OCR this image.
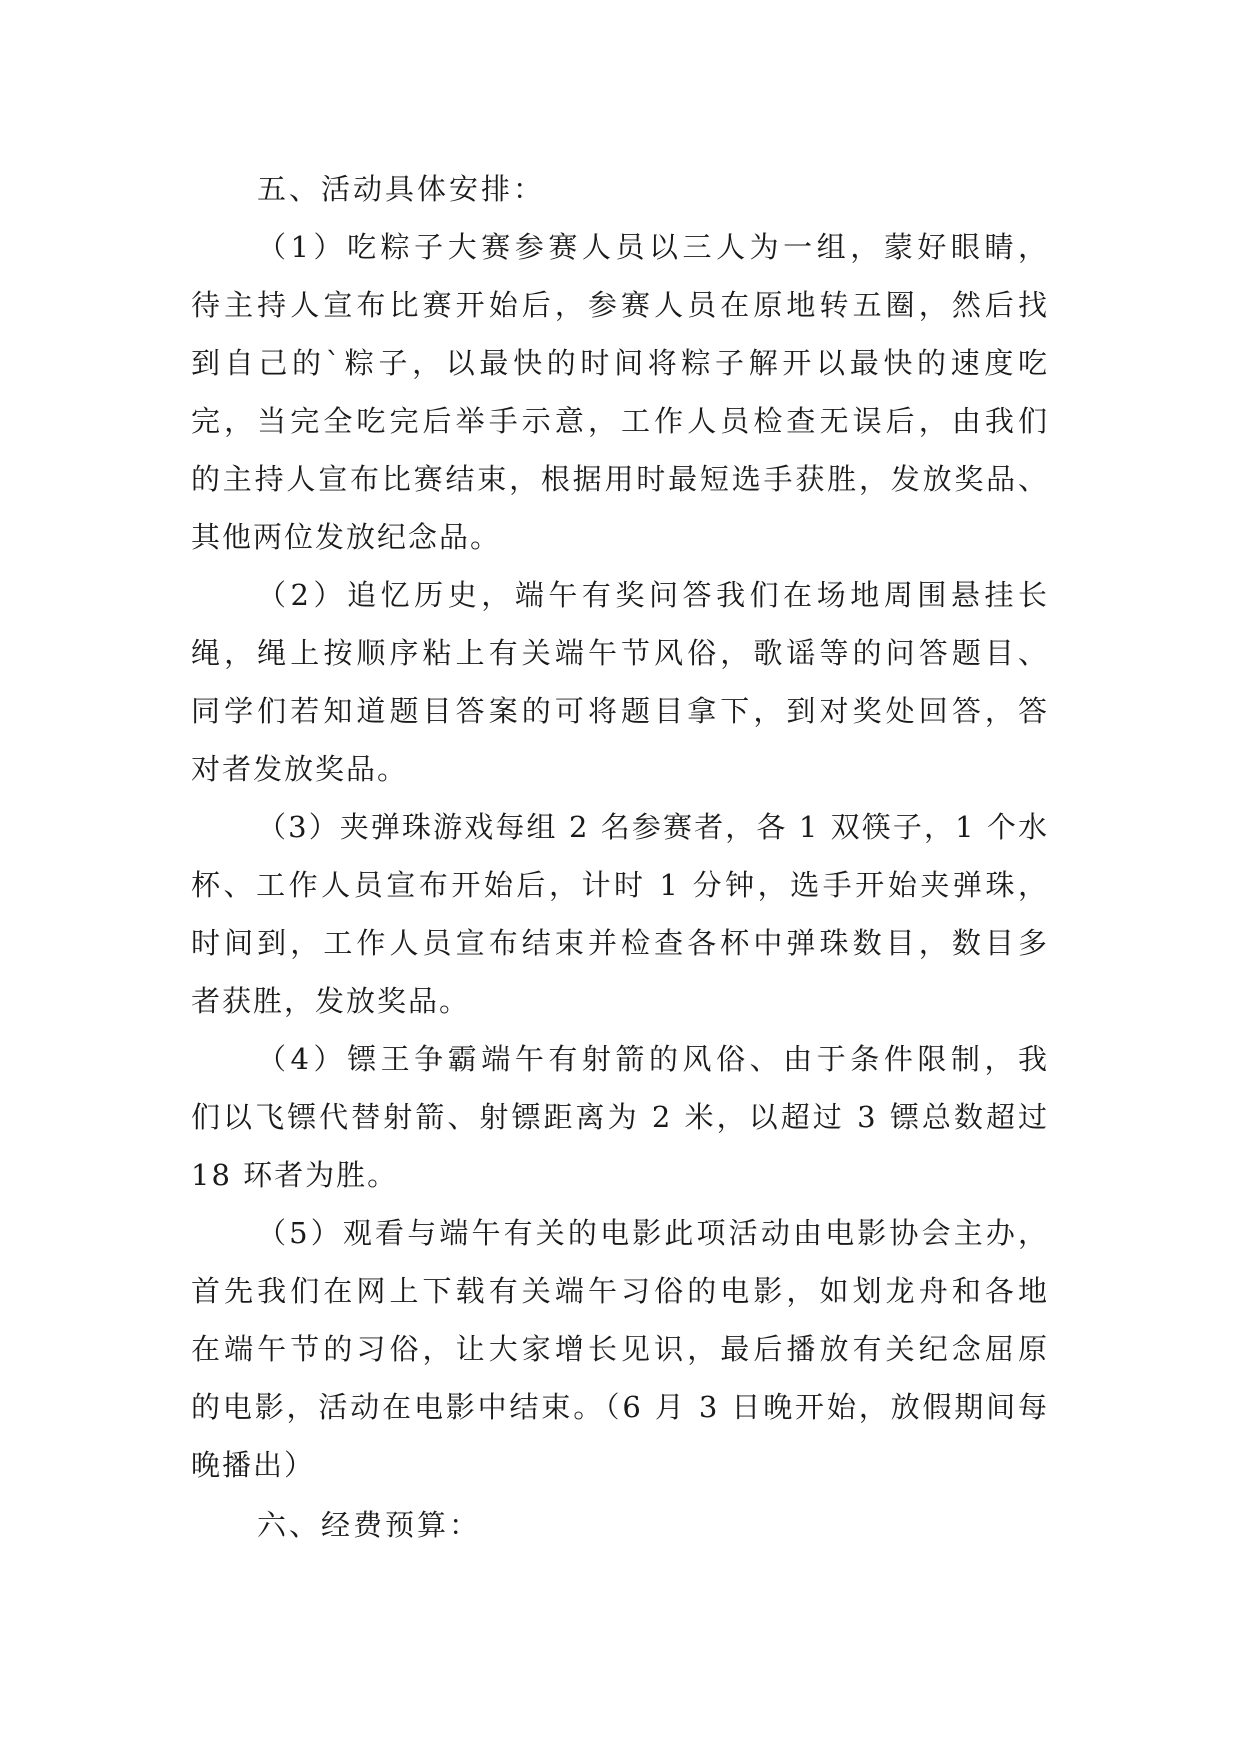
五、活动具体安排：

（1）吃粽子大赛参赛人员以三人为一组，蒙好眼睛，
待主持人宣布比赛开始后，参赛人员在原地转五圈，然后找
到自己的`粽子，以最快的时间将粽子解开以最快的速度吃
完，当完全吃完后举手示意，工作人员检查无误后，由我们
的主持人宣布比赛结束，根据用时最短选手获胜，发放奖品、
其他两位发放纪念品。
（2）追忆历史，端午有奖问答我们在场地周围悬挂长
绳，绳上按顺序粘上有关端午节风俗，歌谣等的问答题目、
同学们若知道题目答案的可将题目拿下，到对奖处回答，答
对者发放奖品。
（3）夹弹珠游戏每组 2 名参赛者，各 1 双筷子，1 个水
杯、工作人员宣布开始后，计时 1 分钟，选手开始夹弹珠，
时间到，工作人员宣布结束并检查各杯中弹珠数目，数目多
者获胜，发放奖品。
（4）镖王争霸端午有射箭的风俗、由于条件限制，我
们以飞镖代替射箭、射镖距离为 2 米，以超过 3 镖总数超过
18 环者为胜。
（5）观看与端午有关的电影此项活动由电影协会主办，
首先我们在网上下载有关端午习俗的电影，如划龙舟和各地
在端午节的习俗，让大家增长见识，最后播放有关纪念屈原
的电影，活动在电影中结束。（6 月 3 日晚开始，放假期间每
晚播出）

六、经费预算：
